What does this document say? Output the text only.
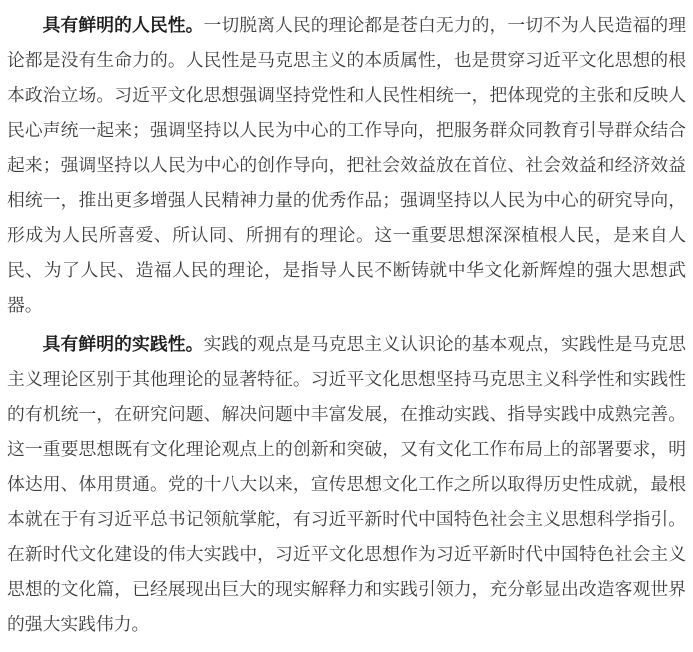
具有鲜明的人民性。一切脱离人民的理论都是苍白无力的，一切不为人民造福的理论都是没有生命力的。人民性是马克思主义的本质属性，也是贯穿习近平文化思想的根本政治立场。习近平文化思想强调坚持党性和人民性相统一，把体现党的主张和反映人民心声统一起来；强调坚持以人民为中心的工作导向，把服务群众同教育引导群众结合起来；强调坚持以人民为中心的创作导向，把社会效益放在首位、社会效益和经济效益相统一，推出更多增强人民精神力量的优秀作品；强调坚持以人民为中心的研究导向，形成为人民所喜爱、所认同、所拥有的理论。这一重要思想深深植根人民，是来自人民、为了人民、造福人民的理论，是指导人民不断铸就中华文化新辉煌的强大思想武器。

具有鲜明的实践性。实践的观点是马克思主义认识论的基本观点，实践性是马克思主义理论区别于其他理论的显著特征。习近平文化思想坚持马克思主义科学性和实践性的有机统一，在研究问题、解决问题中丰富发展，在推动实践、指导实践中成熟完善。这一重要思想既有文化理论观点上的创新和突破，又有文化工作布局上的部署要求，明体达用、体用贯通。党的十八大以来，宣传思想文化工作之所以取得历史性成就，最根本就在于有习近平总书记领航掌舵，有习近平新时代中国特色社会主义思想科学指引。在新时代文化建设的伟大实践中，习近平文化思想作为习近平新时代中国特色社会主义思想的文化篇，已经展现出巨大的现实解释力和实践引领力，充分彰显出改造客观世界的强大实践伟力。
